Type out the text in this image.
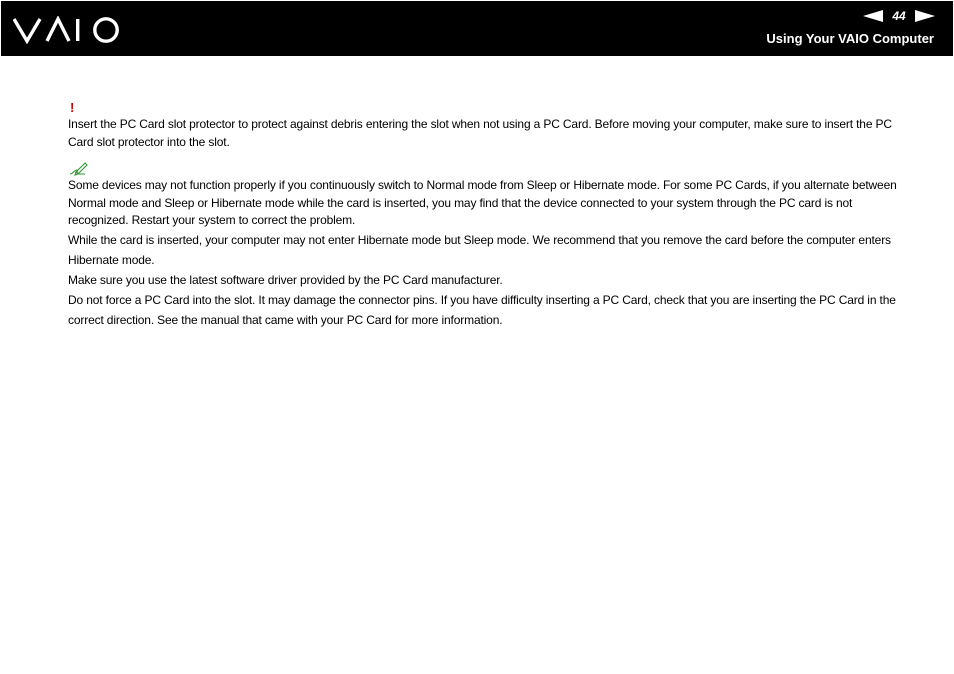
44
Using Your VAIO Computer
!

Insert the PC Card slot protector to protect against debris entering the slot when not using a PC Card. Before moving your computer, make sure to insert the PC Card slot protector into the slot.

Some devices may not function properly if you continuously switch to Normal mode from Sleep or Hibernate mode. For some PC Cards, if you alternate between Normal mode and Sleep or Hibernate mode while the card is inserted, you may find that the device connected to your system through the PC card is not recognized. Restart your system to correct the problem.

While the card is inserted, your computer may not enter Hibernate mode but Sleep mode. We recommend that you remove the card before the computer enters Hibernate mode.

Make sure you use the latest software driver provided by the PC Card manufacturer.

Do not force a PC Card into the slot. It may damage the connector pins. If you have difficulty inserting a PC Card, check that you are inserting the PC Card in the correct direction. See the manual that came with your PC Card for more information.
